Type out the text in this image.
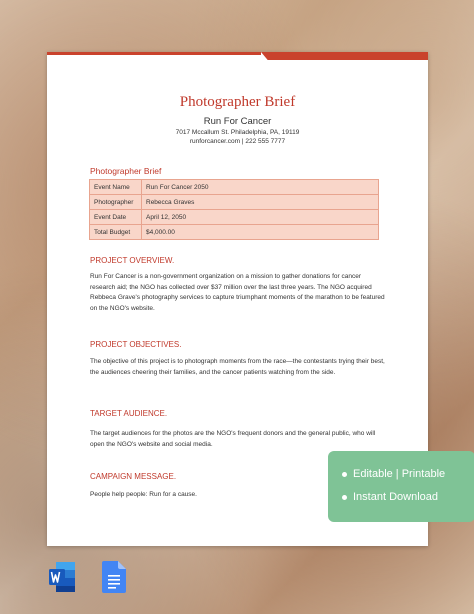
Photographer Brief
Run For Cancer
7017 Mccallum St. Philadelphia, PA, 19119
runforcancer.com | 222 555 7777
Photographer Brief
Event Name	Run For Cancer 2050
Photographer	Rebecca Graves
Event Date	April 12, 2050
Total Budget	$4,000.00
PROJECT OVERVIEW.
Run For Cancer is a non-government organization on a mission to gather donations for cancer research aid; the NGO has collected over $37 million over the last three years. The NGO acquired Rebbeca Grave's photography services to capture triumphant moments of the marathon to be featured on the NGO's website.
PROJECT OBJECTIVES.
The objective of this project is to photograph moments from the race—the contestants trying their best, the audiences cheering their families, and the cancer patients watching from the side.
TARGET AUDIENCE.
The target audiences for the photos are the NGO's frequent donors and the general public, who will open the NGO's website and social media.
CAMPAIGN MESSAGE.
People help people: Run for a cause.
Editable | Printable
Instant Download
